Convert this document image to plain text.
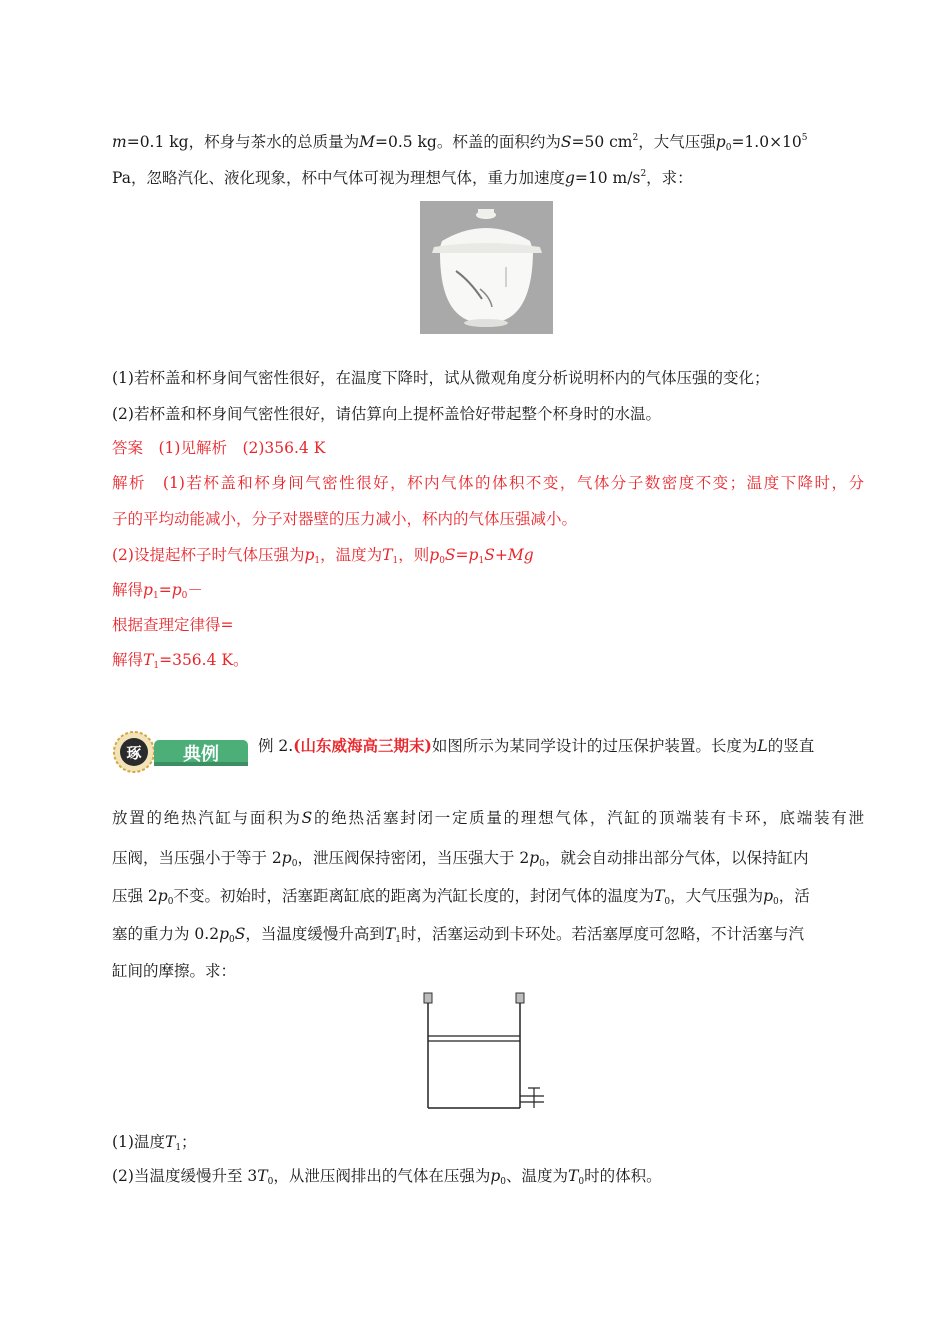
m=0.1 kg，杯身与茶水的总质量为M=0.5 kg。杯盖的面积约为S=50 $cm^2$，大气压强$p_0=1.0\times 10^5$
Pa，忽略汽化、液化现象，杯中气体可视为理想气体，重力加速度g=10 $m/s^2$，求：
(1)若杯盖和杯身间气密性很好，在温度下降时，试从微观角度分析说明杯内的气体压强的变化；
(2)若杯盖和杯身间气密性很好，请估算向上提杯盖恰好带起整个杯身时的水温。
答案　(1)见解析　(2)356.4 K
解析　(1)若杯盖和杯身间气密性很好，杯内气体的体积不变，气体分子数密度不变；温度下降时，分
子的平均动能减小，分子对器壁的压力减小，杯内的气体压强减小。
(2)设提起杯子时气体压强为$p_1$，温度为$T_1$，则$p_0S=p_1S+Mg$
解得$p_1=p_0-$
根据查理定律得=
解得$T_1=356.4$ K。
琢 典例	例 2.(山东威海高三期末)如图所示为某同学设计的过压保护装置。长度为L的竖直
放置的绝热汽缸与面积为S的绝热活塞封闭一定质量的理想气体，汽缸的顶端装有卡环，底端装有泄
压阀，当压强小于等于 $2p_0$，泄压阀保持密闭，当压强大于 $2p_0$，就会自动排出部分气体，以保持缸内
压强 $2p_0$不变。初始时，活塞距离缸底的距离为汽缸长度的，封闭气体的温度为$T_0$，大气压强为$p_0$，活
塞的重力为 $0.2p_0S$，当温度缓慢升高到$T_1$时，活塞运动到卡环处。若活塞厚度可忽略，不计活塞与汽
缸间的摩擦。求：
(1)温度$T_1$；
(2)当温度缓慢升至 $3T_0$，从泄压阀排出的气体在压强为$p_0$、温度为$T_0$时的体积。
